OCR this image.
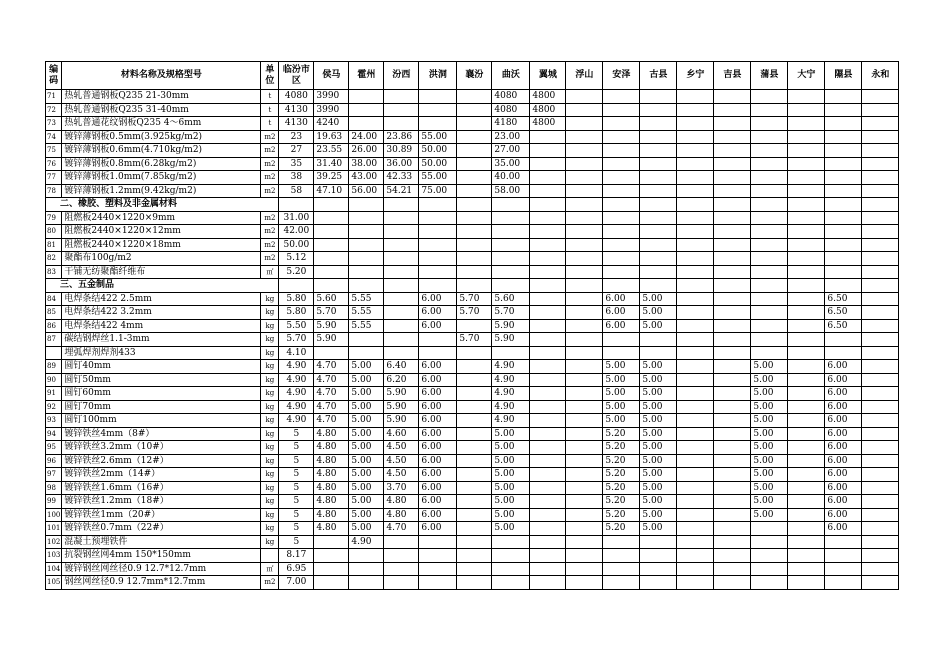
编码	材料名称及规格型号	单位	临汾市区	侯马	霍州	汾西	洪洞	襄汾	曲沃	翼城	浮山	安泽	古县	乡宁	吉县	蒲县	大宁	隰县	永和
71	热轧普通钢板Q235 21-30mm	t	4080	3990					4080	4800									
72	热轧普通钢板Q235 31-40mm	t	4130	3990					4080	4800									
73	热轧普通花纹钢板Q235 4～6mm	t	4130	4240					4180	4800									
74	镀锌薄钢板0.5mm(3.925kg/m2)	m2	23	19.63	24.00	23.86	55.00		23.00										
75	镀锌薄钢板0.6mm(4.710kg/m2)	m2	27	23.55	26.00	30.89	50.00		27.00										
76	镀锌薄钢板0.8mm(6.28kg/m2)	m2	35	31.40	38.00	36.00	50.00		35.00										
77	镀锌薄钢板1.0mm(7.85kg/m2)	m2	38	39.25	43.00	42.33	55.00		40.00										
78	镀锌薄钢板1.2mm(9.42kg/m2)	m2	58	47.10	56.00	54.21	75.00		58.00										
二、橡胶、塑料及非金属材料																			
79	阻燃板2440×1220×9mm	m2	31.00																
80	阻燃板2440×1220×12mm	m2	42.00																
81	阻燃板2440×1220×18mm	m2	50.00																
82	聚酯布100g/m2	m2	5.12																
83	干铺无纺聚酯纤维布	㎡	5.20																
三、五金制品																			
84	电焊条结422 2.5mm	kg	5.80	5.60	5.55		6.00	5.70	5.60			6.00	5.00					6.50	
85	电焊条结422 3.2mm	kg	5.80	5.70	5.55		6.00	5.70	5.70			6.00	5.00					6.50	
86	电焊条结422 4mm	kg	5.50	5.90	5.55		6.00		5.90			6.00	5.00					6.50	
87	碳结钢焊丝1.1-3mm	kg	5.70	5.90				5.70	5.90										
	埋弧焊剂焊剂433	kg	4.10																
89	圆钉40mm	kg	4.90	4.70	5.00	6.40	6.00		4.90			5.00	5.00			5.00		6.00	
90	圆钉50mm	kg	4.90	4.70	5.00	6.20	6.00		4.90			5.00	5.00			5.00		6.00	
91	圆钉60mm	kg	4.90	4.70	5.00	5.90	6.00		4.90			5.00	5.00			5.00		6.00	
92	圆钉70mm	kg	4.90	4.70	5.00	5.90	6.00		4.90			5.00	5.00			5.00		6.00	
93	圆钉100mm	kg	4.90	4.70	5.00	5.90	6.00		4.90			5.00	5.00			5.00		6.00	
94	镀锌铁丝4mm（8#）	kg	5	4.80	5.00	4.60	6.00		5.00			5.20	5.00			5.00		6.00	
95	镀锌铁丝3.2mm（10#）	kg	5	4.80	5.00	4.50	6.00		5.00			5.20	5.00			5.00		6.00	
96	镀锌铁丝2.6mm（12#）	kg	5	4.80	5.00	4.50	6.00		5.00			5.20	5.00			5.00		6.00	
97	镀锌铁丝2mm（14#）	kg	5	4.80	5.00	4.50	6.00		5.00			5.20	5.00			5.00		6.00	
98	镀锌铁丝1.6mm（16#）	kg	5	4.80	5.00	3.70	6.00		5.00			5.20	5.00			5.00		6.00	
99	镀锌铁丝1.2mm（18#）	kg	5	4.80	5.00	4.80	6.00		5.00			5.20	5.00			5.00		6.00	
100	镀锌铁丝1mm（20#）	kg	5	4.80	5.00	4.80	6.00		5.00			5.20	5.00			5.00		6.00	
101	镀锌铁丝0.7mm（22#）	kg	5	4.80	5.00	4.70	6.00		5.00			5.20	5.00					6.00	
102	混凝土预埋铁件	kg	5		4.90														
103	抗裂钢丝网4mm 150*150mm		8.17																
104	镀锌钢丝网丝径0.9 12.7*12.7mm	㎡	6.95																
105	钢丝网丝径0.9 12.7mm*12.7mm	m2	7.00																
